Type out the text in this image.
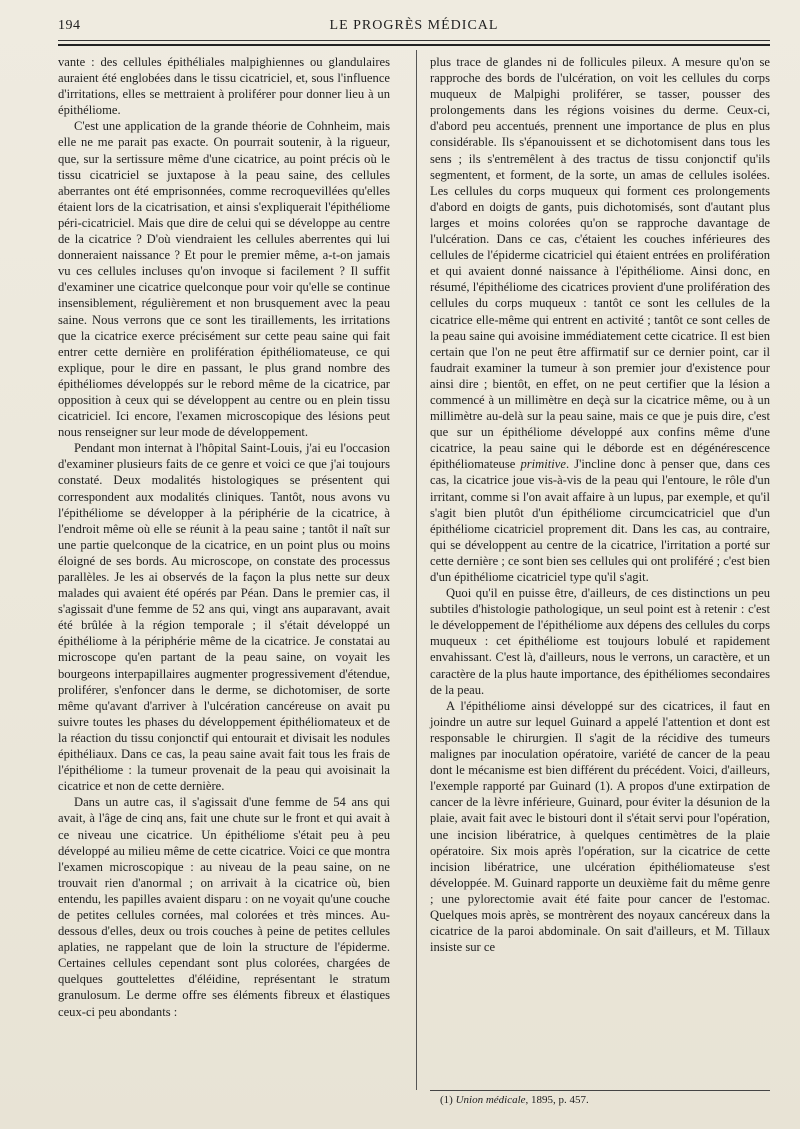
194	LE PROGRÈS MÉDICAL

vante : des cellules épithéliales malpighiennes ou glandulaires auraient été englobées dans le tissu cicatriciel, et, sous l'influence d'irritations, elles se mettraient à proliférer pour donner lieu à un épithéliome.

C'est une application de la grande théorie de Cohnheim, mais elle ne me parait pas exacte. On pourrait soutenir, à la rigueur, que, sur la sertissure même d'une cicatrice, au point précis où le tissu cicatriciel se juxtapose à la peau saine, des cellules aberrantes ont été emprisonnées, comme recroquevillées qu'elles étaient lors de la cicatrisation, et ainsi s'expliquerait l'épithéliome péri-cicatriciel. Mais que dire de celui qui se développe au centre de la cicatrice ? D'où viendraient les cellules aberrentes qui lui donneraient naissance ? Et pour le premier même, a-t-on jamais vu ces cellules incluses qu'on invoque si facilement ? Il suffit d'examiner une cicatrice quelconque pour voir qu'elle se continue insensiblement, régulièrement et non brusquement avec la peau saine. Nous verrons que ce sont les tiraillements, les irritations que la cicatrice exerce précisément sur cette peau saine qui fait entrer cette dernière en prolifération épithéliomateuse, ce qui explique, pour le dire en passant, le plus grand nombre des épithéliomes développés sur le rebord même de la cicatrice, par opposition à ceux qui se développent au centre ou en plein tissu cicatriciel. Ici encore, l'examen microscopique des lésions peut nous renseigner sur leur mode de développement.

Pendant mon internat à l'hôpital Saint-Louis, j'ai eu l'occasion d'examiner plusieurs faits de ce genre et voici ce que j'ai toujours constaté. Deux modalités histologiques se présentent qui correspondent aux modalités cliniques. Tantôt, nous avons vu l'épithéliome se développer à la périphérie de la cicatrice, à l'endroit même où elle se réunit à la peau saine ; tantôt il naît sur une partie quelconque de la cicatrice, en un point plus ou moins éloigné de ses bords. Au microscope, on constate des processus parallèles. Je les ai observés de la façon la plus nette sur deux malades qui avaient été opérés par Péan. Dans le premier cas, il s'agissait d'une femme de 52 ans qui, vingt ans auparavant, avait été brûlée à la région temporale ; il s'était développé un épithéliome à la périphérie même de la cicatrice. Je constatai au microscope qu'en partant de la peau saine, on voyait les bourgeons interpapillaires augmenter progressivement d'étendue, proliférer, s'enfoncer dans le derme, se dichotomiser, de sorte même qu'avant d'arriver à l'ulcération cancéreuse on avait pu suivre toutes les phases du développement épithéliomateux et de la réaction du tissu conjonctif qui entourait et divisait les nodules épithéliaux. Dans ce cas, la peau saine avait fait tous les frais de l'épithéliome : la tumeur provenait de la peau qui avoisinait la cicatrice et non de cette dernière.

Dans un autre cas, il s'agissait d'une femme de 54 ans qui avait, à l'âge de cinq ans, fait une chute sur le front et qui avait à ce niveau une cicatrice. Un épithéliome s'était peu à peu développé au milieu même de cette cicatrice. Voici ce que montra l'examen microscopique : au niveau de la peau saine, on ne trouvait rien d'anormal ; on arrivait à la cicatrice où, bien entendu, les papilles avaient disparu : on ne voyait qu'une couche de petites cellules cornées, mal colorées et très minces. Au-dessous d'elles, deux ou trois couches à peine de petites cellules aplaties, ne rappelant que de loin la structure de l'épiderme. Certaines cellules cependant sont plus colorées, chargées de quelques gouttelettes d'éléidine, représentant le stratum granulosum. Le derme offre ses éléments fibreux et élastiques ceux-ci peu abondants :

plus trace de glandes ni de follicules pileux. A mesure qu'on se rapproche des bords de l'ulcération, on voit les cellules du corps muqueux de Malpighi proliférer, se tasser, pousser des prolongements dans les régions voisines du derme. Ceux-ci, d'abord peu accentués, prennent une importance de plus en plus considérable. Ils s'épanouissent et se dichotomisent dans tous les sens ; ils s'entremêlent à des tractus de tissu conjonctif qu'ils segmentent, et forment, de la sorte, un amas de cellules isolées. Les cellules du corps muqueux qui forment ces prolongements d'abord en doigts de gants, puis dichotomisés, sont d'autant plus larges et moins colorées qu'on se rapproche davantage de l'ulcération. Dans ce cas, c'étaient les couches inférieures des cellules de l'épiderme cicatriciel qui étaient entrées en prolifération et qui avaient donné naissance à l'épithéliome. Ainsi donc, en résumé, l'épithéliome des cicatrices provient d'une prolifération des cellules du corps muqueux : tantôt ce sont les cellules de la cicatrice elle-même qui entrent en activité ; tantôt ce sont celles de la peau saine qui avoisine immédiatement cette cicatrice. Il est bien certain que l'on ne peut être affirmatif sur ce dernier point, car il faudrait examiner la tumeur à son premier jour d'existence pour ainsi dire ; bientôt, en effet, on ne peut certifier que la lésion a commencé à un millimètre en deçà sur la cicatrice même, ou à un millimètre au-delà sur la peau saine, mais ce que je puis dire, c'est que sur un épithéliome développé aux confins même d'une cicatrice, la peau saine qui le déborde est en dégénérescence épithéliomateuse primitive. J'incline donc à penser que, dans ces cas, la cicatrice joue vis-à-vis de la peau qui l'entoure, le rôle d'un irritant, comme si l'on avait affaire à un lupus, par exemple, et qu'il s'agit bien plutôt d'un épithéliome circumcicatriciel que d'un épithéliome cicatriciel proprement dit. Dans les cas, au contraire, qui se développent au centre de la cicatrice, l'irritation a porté sur cette dernière ; ce sont bien ses cellules qui ont proliféré ; c'est bien d'un épithéliome cicatriciel type qu'il s'agit.

Quoi qu'il en puisse être, d'ailleurs, de ces distinctions un peu subtiles d'histologie pathologique, un seul point est à retenir : c'est le développement de l'épithéliome aux dépens des cellules du corps muqueux : cet épithéliome est toujours lobulé et rapidement envahissant. C'est là, d'ailleurs, nous le verrons, un caractère, et un caractère de la plus haute importance, des épithéliomes secondaires de la peau.

A l'épithéliome ainsi développé sur des cicatrices, il faut en joindre un autre sur lequel Guinard a appelé l'attention et dont est responsable le chirurgien. Il s'agit de la récidive des tumeurs malignes par inoculation opératoire, variété de cancer de la peau dont le mécanisme est bien différent du précédent. Voici, d'ailleurs, l'exemple rapporté par Guinard (1). A propos d'une extirpation de cancer de la lèvre inférieure, Guinard, pour éviter la désunion de la plaie, avait fait avec le bistouri dont il s'était servi pour l'opération, une incision libératrice, à quelques centimètres de la plaie opératoire. Six mois après l'opération, sur la cicatrice de cette incision libératrice, une ulcération épithéliomateuse s'est développée. M. Guinard rapporte un deuxième fait du même genre ; une pylorectomie avait été faite pour cancer de l'estomac. Quelques mois après, se montrèrent des noyaux cancéreux dans la cicatrice de la paroi abdominale. On sait d'ailleurs, et M. Tillaux insiste sur ce

(1) Union médicale, 1895, p. 457.
